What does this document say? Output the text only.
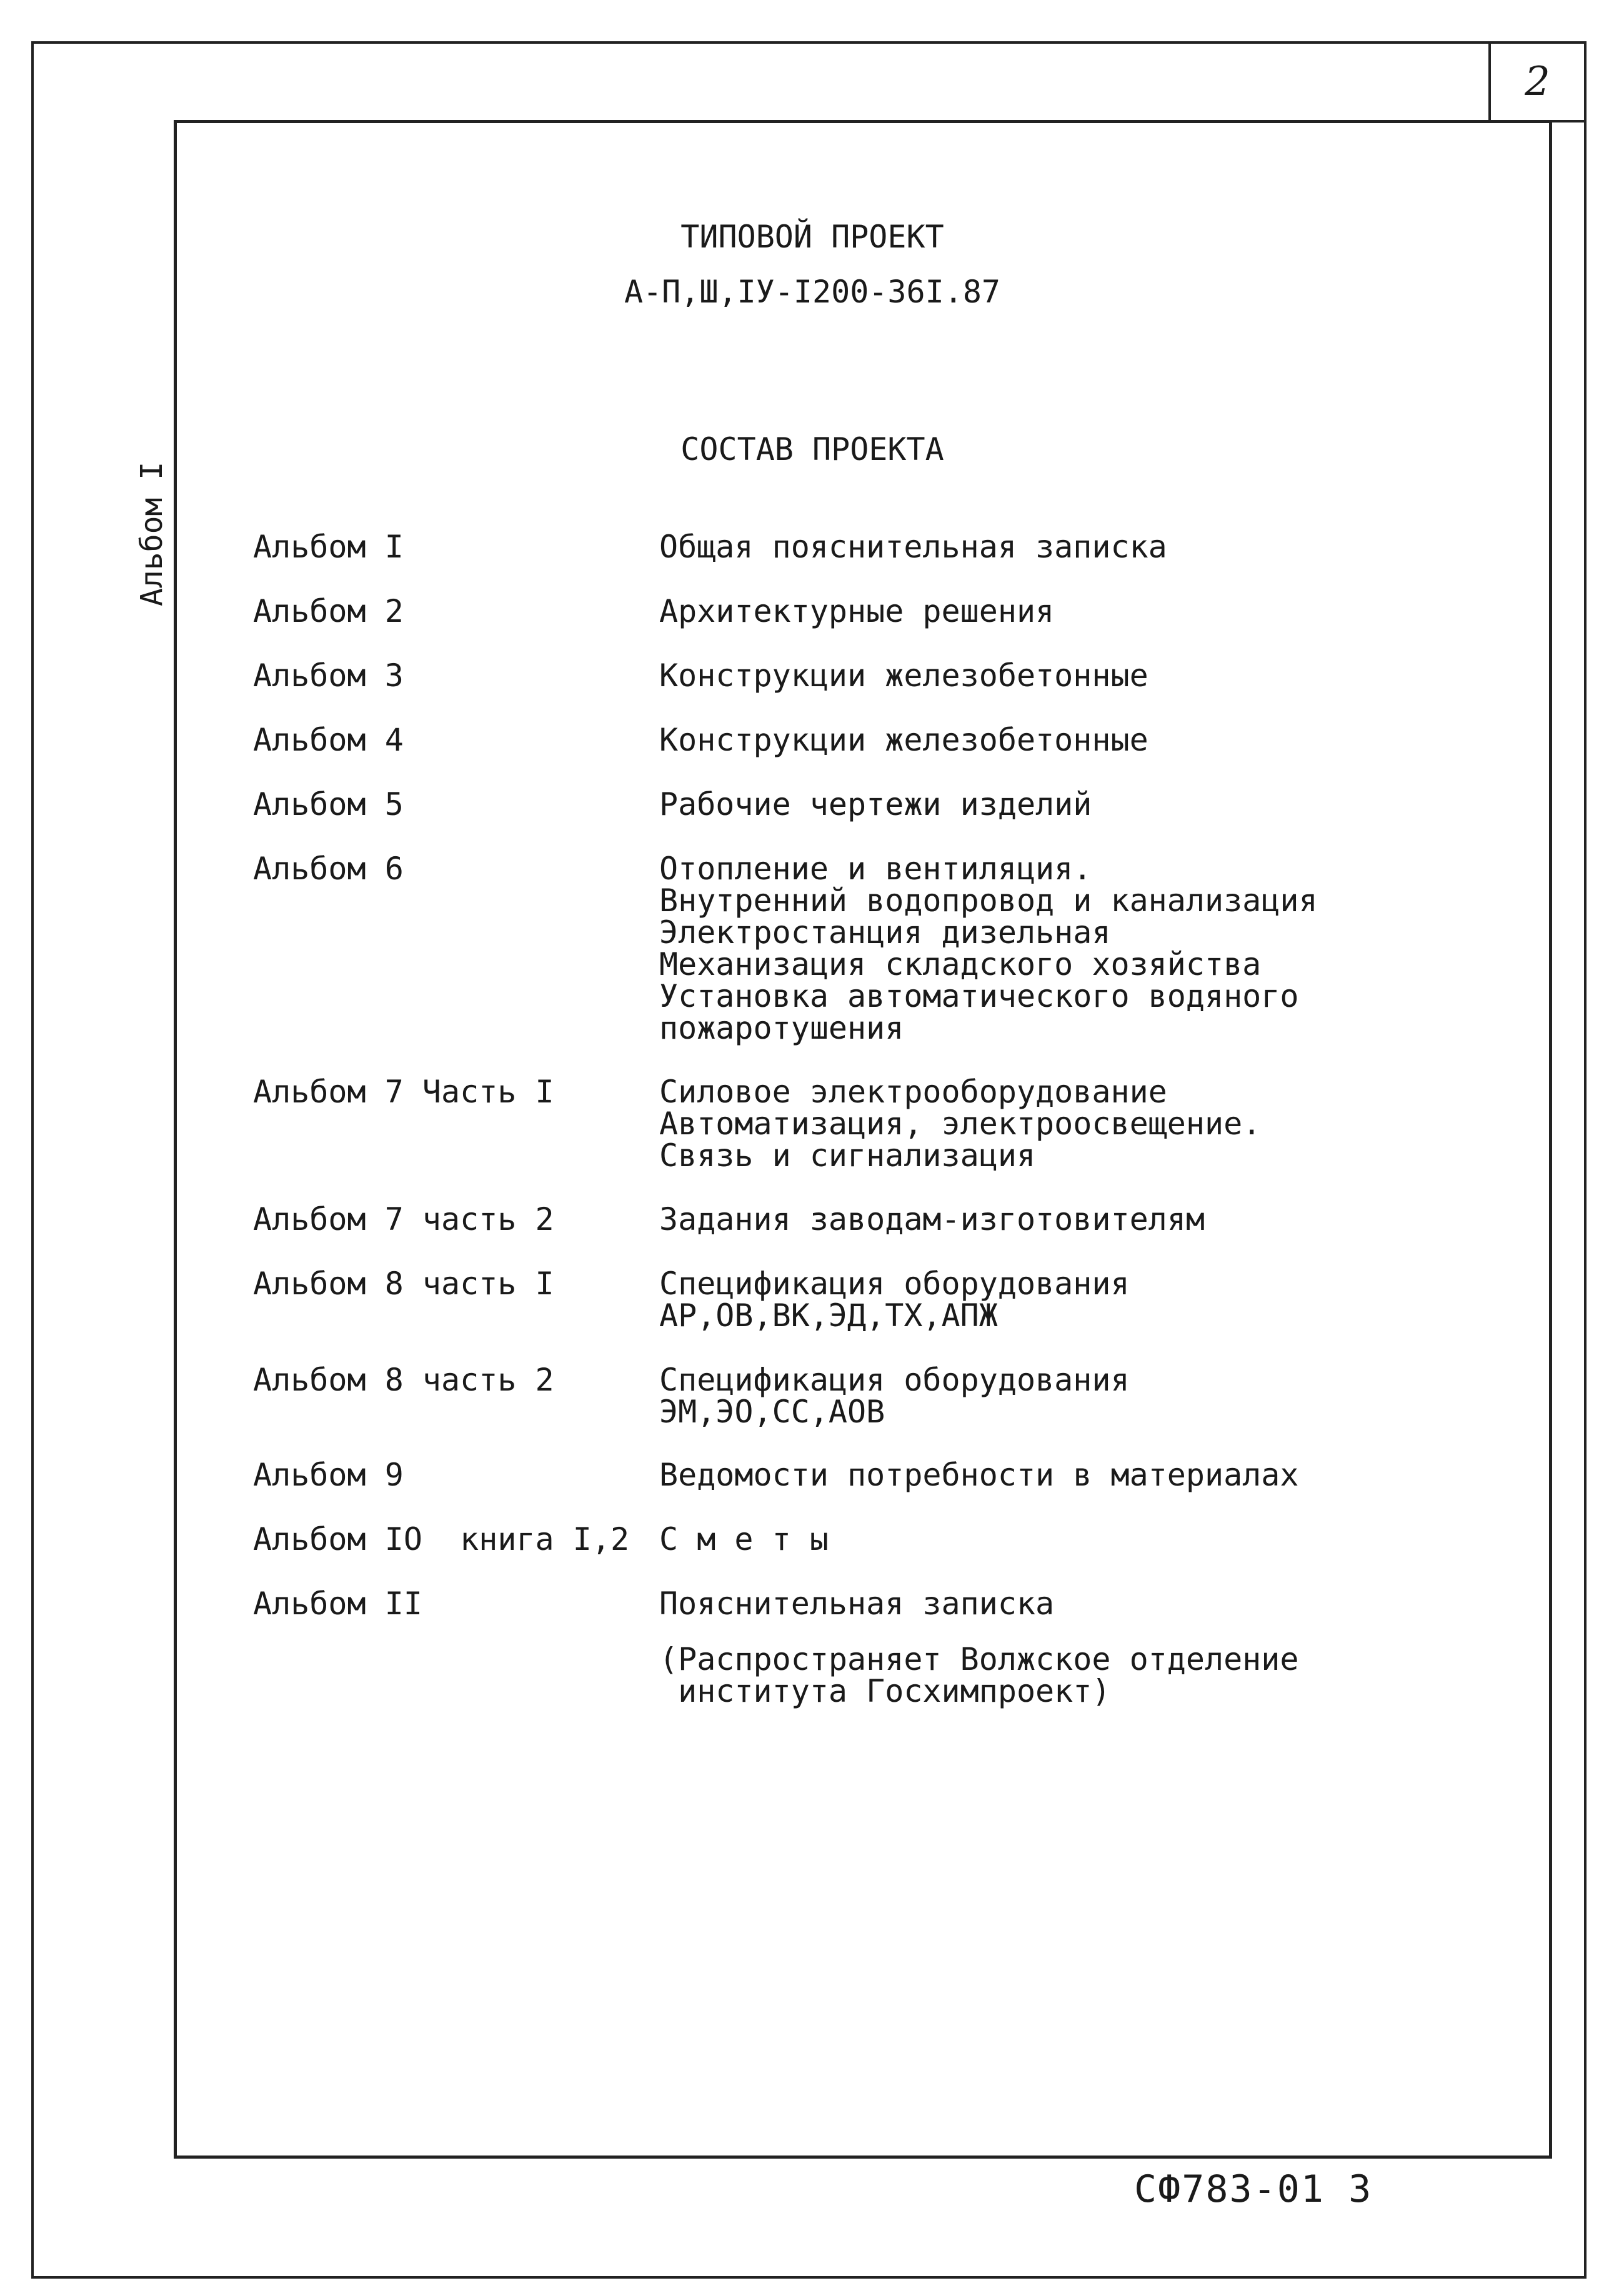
2
Альбом I
ТИПОВОЙ ПРОЕКТ
А-П,Ш,IУ-I200-36I.87
СОСТАВ ПРОЕКТА
Альбом I	Общая пояснительная записка
Альбом 2	Архитектурные решения
Альбом 3	Конструкции железобетонные
Альбом 4	Конструкции железобетонные
Альбом 5	Рабочие чертежи изделий
Альбом 6	Отопление и вентиляция.
Внутренний водопровод и канализация
Электростанция дизельная
Механизация складского хозяйства
Установка автоматического водяного
пожаротушения
Альбом 7 Часть I	Силовое электрооборудование
Автоматизация, электроосвещение.
Связь и сигнализация
Альбом 7 часть 2	Задания заводам-изготовителям
Альбом 8 часть I	Спецификация оборудования
АР,ОВ,ВК,ЭД,ТХ,АПЖ
Альбом 8 часть 2	Спецификация оборудования
ЭМ,ЭО,СС,АОВ
Альбом 9	Ведомости потребности в материалах
Альбом IO  книга I,2 С м е т ы
Альбом II	Пояснительная записка
(Распространяет Волжское отделение
института Госхимпроект)
СФ783-01 3
